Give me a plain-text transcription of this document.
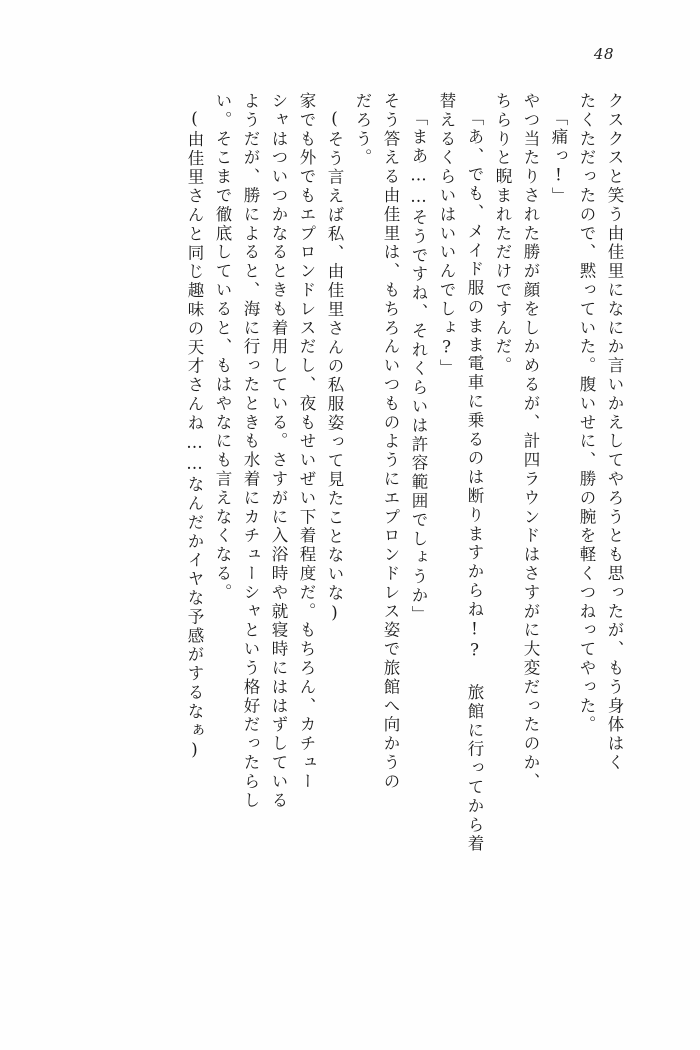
48
クスクスと笑う由佳里になにか言いかえしてやろうとも思ったが、もう身体はく
たくただったので、黙っていた。腹いせに、勝の腕を軽くつねってやった。
「痛っ!」
やつ当たりされた勝が顔をしかめるが、計四ラウンドはさすがに大変だったのか、
ちらりと睨まれただけですんだ。
「あ、でも、メイド服のまま電車に乗るのは断りますからね!? 旅館に行ってから着
替えるくらいはいいんでしょ?」
「まあ……そうですね、それくらいは許容範囲でしょうか」
そう答える由佳里は、もちろんいつものようにエプロンドレス姿で旅館へ向かうの
だろう。
(そう言えば私、由佳里さんの私服姿って見たことないな)
家でも外でもエプロンドレスだし、夜もせいぜい下着程度だ。もちろん、カチュー
シャはついつかなるときも着用している。さすがに入浴時や就寝時にははずしている
ようだが、勝によると、海に行ったときも水着にカチューシャという格好だったらし
い。そこまで徹底していると、もはやなにも言えなくなる。
(由佳里さんと同じ趣味の天才さんね……なんだかイヤな予感がするなぁ)
